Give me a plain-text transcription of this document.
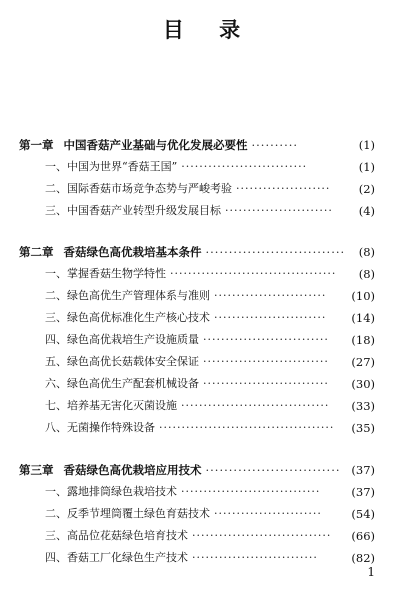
目 录
第一章 中国香菇产业基础与优化发展必要性 ··········	(1)
一、中国为世界“香菇王国” ····························	(1)
二、国际香菇市场竞争态势与严峻考验 ····················· (2)
三、中国香菇产业转型升级发展目标 ························ (4)
第二章 香菇绿色高优栽培基本条件 ······························ (8)
一、掌握香菇生物学特性 ····································· (8)
二、绿色高优生产管理体系与准则 ························· (10)
三、绿色高优标准化生产核心技术 ························· (14)
四、绿色高优栽培生产设施质量 ···························· (18)
五、绿色高优长菇载体安全保证 ···························· (27)
六、绿色高优生产配套机械设备 ···························· (30)
七、培养基无害化灭菌设施 ································· (33)
八、无菌操作特殊设备 ······································· (35)
第三章 香菇绿色高优栽培应用技术 ····························· (37)
一、露地排筒绿色栽培技术 ·······························	(37)
二、反季节埋筒覆土绿色育菇技术 ························	(54)
三、高品位花菇绿色培育技术 ······························· (66)
四、香菇工厂化绿色生产技术 ····························	(82)
1
